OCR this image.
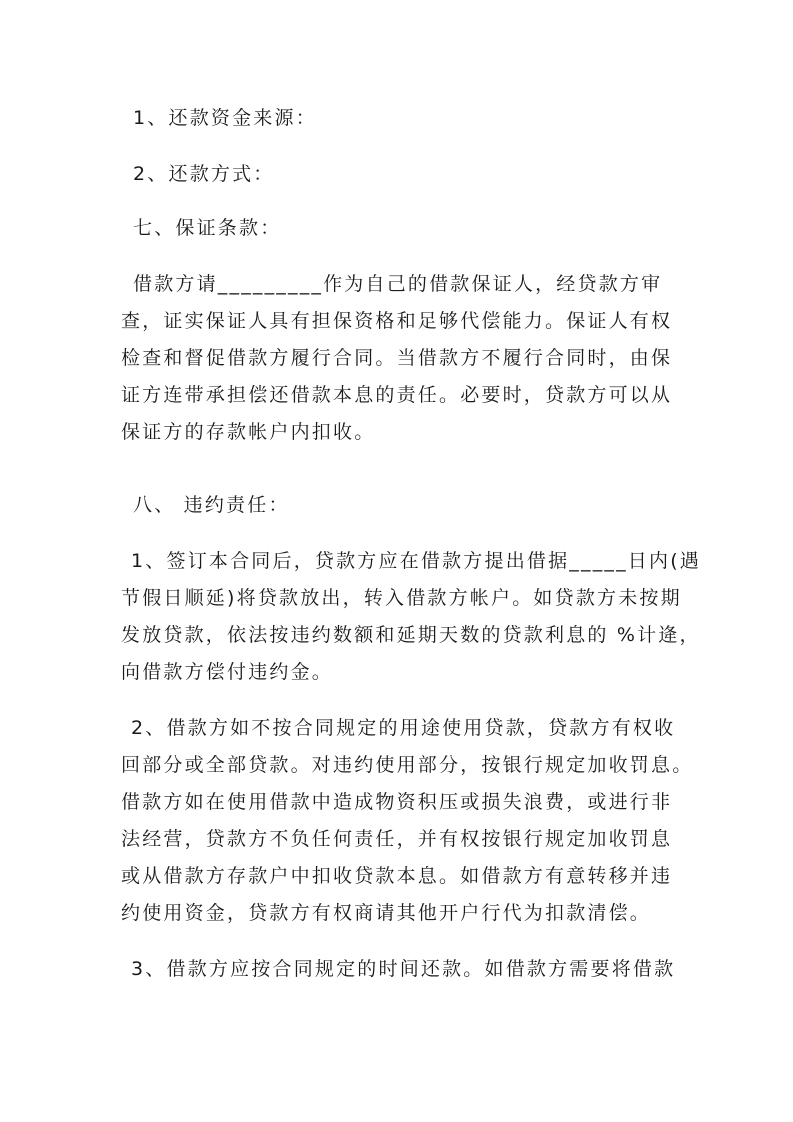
1、还款资金来源：
2、还款方式：
七、保证条款：
借款方请_________作为自己的借款保证人，经贷款方审
查，证实保证人具有担保资格和足够代偿能力。保证人有权
检查和督促借款方履行合同。当借款方不履行合同时，由保
证方连带承担偿还借款本息的责任。必要时，贷款方可以从
保证方的存款帐户内扣收。
八、 违约责任：
1、签订本合同后，贷款方应在借款方提出借据_____日内(遇
节假日顺延)将贷款放出，转入借款方帐户。如贷款方未按期
发放贷款，依法按违约数额和延期天数的贷款利息的 %计逄，
向借款方偿付违约金。
2、借款方如不按合同规定的用途使用贷款，贷款方有权收
回部分或全部贷款。对违约使用部分，按银行规定加收罚息。
借款方如在使用借款中造成物资积压或损失浪费，或进行非
法经营，贷款方不负任何责任，并有权按银行规定加收罚息
或从借款方存款户中扣收贷款本息。如借款方有意转移并违
约使用资金，贷款方有权商请其他开户行代为扣款清偿。
3、借款方应按合同规定的时间还款。如借款方需要将借款
